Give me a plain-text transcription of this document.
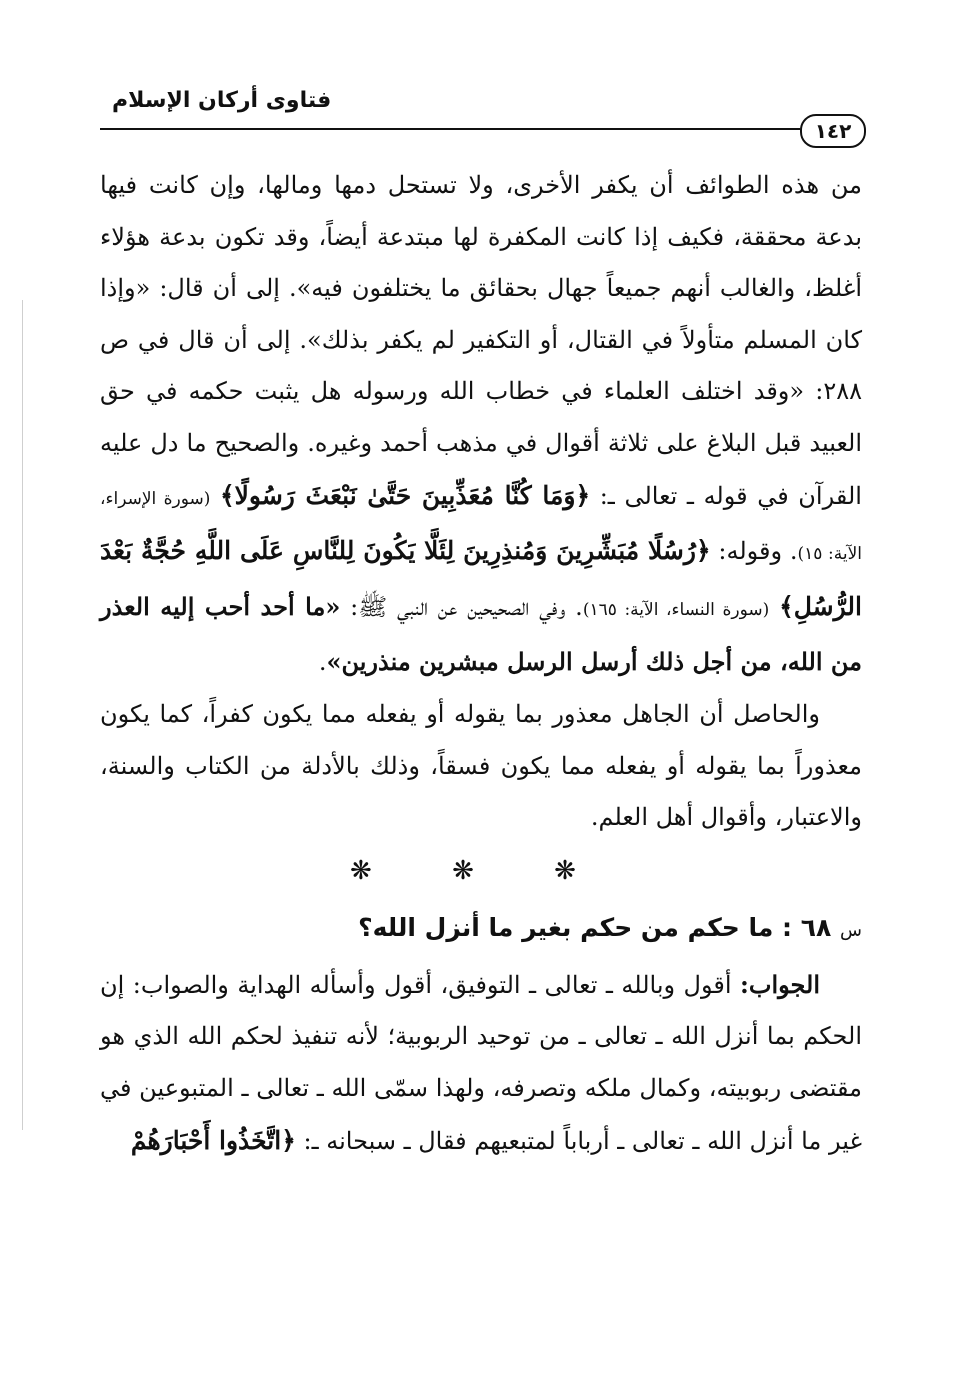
فتاوى أركان الإسلام
١٤٢

من هذه الطوائف أن يكفر الأخرى، ولا تستحل دمها ومالها، وإن كانت فيها بدعة محققة، فكيف إذا كانت المكفرة لها مبتدعة أيضاً، وقد تكون بدعة هؤلاء أغلظ، والغالب أنهم جميعاً جهال بحقائق ما يختلفون فيه». إلى أن قال: «وإذا كان المسلم متأولاً في القتال، أو التكفير لم يكفر بذلك». إلى أن قال في ص ٢٨٨: «وقد اختلف العلماء في خطاب الله ورسوله هل يثبت حكمه في حق العبيد قبل البلاغ على ثلاثة أقوال في مذهب أحمد وغيره. والصحيح ما دل عليه القرآن في قوله ـ تعالى ـ: ﴿وَمَا كُنَّا مُعَذِّبِينَ حَتَّىٰ نَبْعَثَ رَسُولًا﴾ (سورة الإسراء، الآية: ١٥). وقوله: ﴿رُسُلًا مُبَشِّرِينَ وَمُنذِرِينَ لِئَلَّا يَكُونَ لِلنَّاسِ عَلَى اللَّهِ حُجَّةٌ بَعْدَ الرُّسُلِ﴾ (سورة النساء، الآية: ١٦٥). وفي الصحيحين عن النبي ﷺ: «ما أحد أحب إليه العذر من الله، من أجل ذلك أرسل الرسل مبشرين منذرين».

والحاصل أن الجاهل معذور بما يقوله أو يفعله مما يكون كفراً، كما يكون معذوراً بما يقوله أو يفعله مما يكون فسقاً، وذلك بالأدلة من الكتاب والسنة، والاعتبار، وأقوال أهل العلم.

❋ ❋ ❋

س ٦٨ : ما حكم من حكم بغير ما أنزل الله؟

الجواب: أقول وبالله ـ تعالى ـ التوفيق، أقول وأسأله الهداية والصواب: إن الحكم بما أنزل الله ـ تعالى ـ من توحيد الربوبية؛ لأنه تنفيذ لحكم الله الذي هو مقتضى ربوبيته، وكمال ملكه وتصرفه، ولهذا سمّى الله ـ تعالى ـ المتبوعين في غير ما أنزل الله ـ تعالى ـ أرباباً لمتبعيهم فقال ـ سبحانه ـ: ﴿اتَّخَذُوا أَحْبَارَهُمْ
